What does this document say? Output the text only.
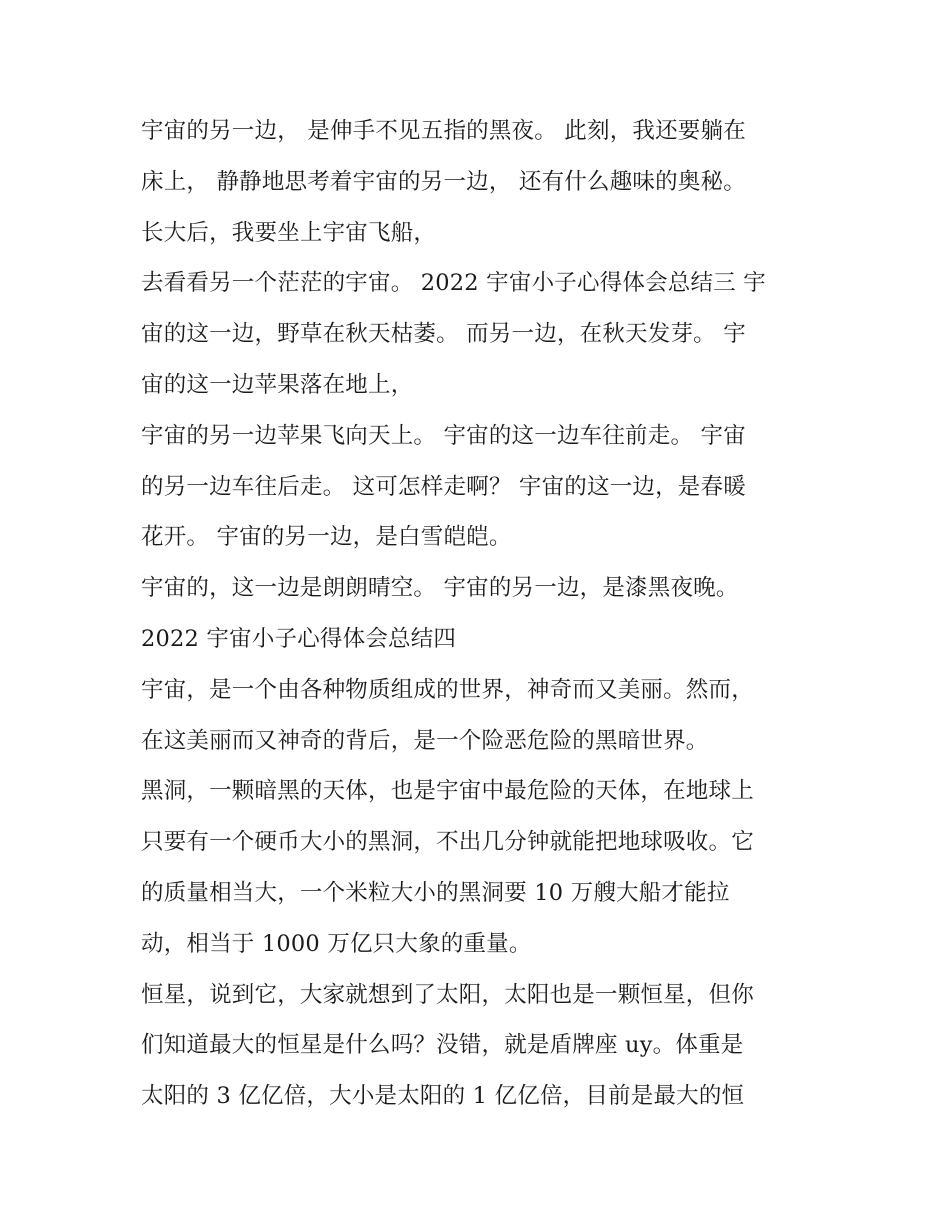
宇宙的另一边， 是伸手不见五指的黑夜。 此刻，我还要躺在
床上， 静静地思考着宇宙的另一边， 还有什么趣味的奥秘。
长大后，我要坐上宇宙飞船，
去看看另一个茫茫的宇宙。 2022 宇宙小子心得体会总结三 宇
宙的这一边，野草在秋天枯萎。 而另一边，在秋天发芽。 宇
宙的这一边苹果落在地上，
宇宙的另一边苹果飞向天上。 宇宙的这一边车往前走。 宇宙
的另一边车往后走。 这可怎样走啊？ 宇宙的这一边，是春暖
花开。 宇宙的另一边，是白雪皑皑。
宇宙的，这一边是朗朗晴空。 宇宙的另一边，是漆黑夜晚。
2022 宇宙小子心得体会总结四
宇宙，是一个由各种物质组成的世界，神奇而又美丽。然而，
在这美丽而又神奇的背后，是一个险恶危险的黑暗世界。
黑洞，一颗暗黑的天体，也是宇宙中最危险的天体，在地球上
只要有一个硬币大小的黑洞，不出几分钟就能把地球吸收。它
的质量相当大，一个米粒大小的黑洞要 10 万艘大船才能拉
动，相当于 1000 万亿只大象的重量。
恒星，说到它，大家就想到了太阳，太阳也是一颗恒星，但你
们知道最大的恒星是什么吗？没错，就是盾牌座 uy。体重是
太阳的 3 亿亿倍，大小是太阳的 1 亿亿倍，目前是最大的恒
